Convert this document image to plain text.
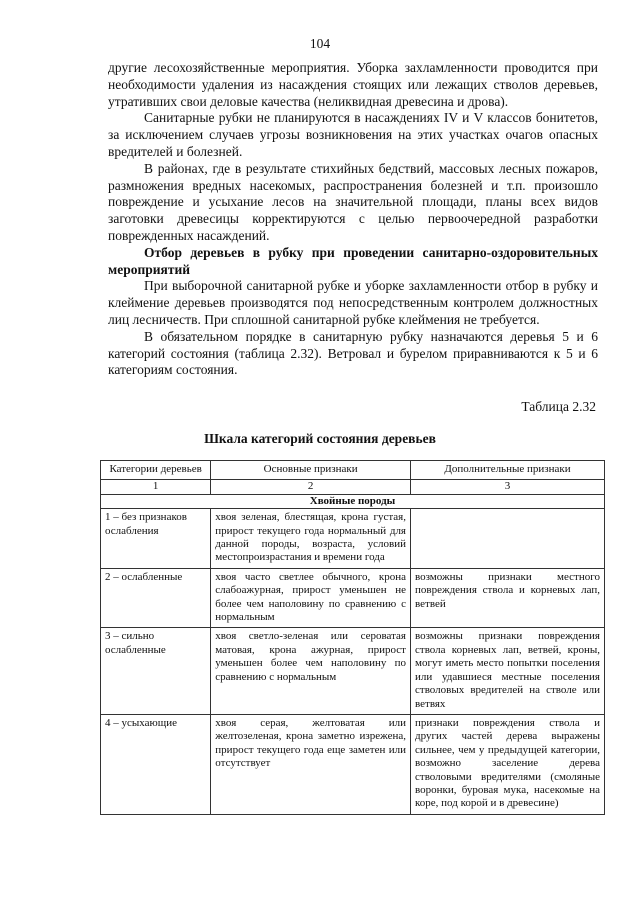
104

другие лесохозяйственные мероприятия. Уборка захламленности проводится при необходимости удаления из насаждения стоящих или лежащих стволов деревьев, утративших свои деловые качества (неликвидная древесина и дрова).

Санитарные рубки не планируются в насаждениях IV и V классов бонитетов, за исключением случаев угрозы возникновения на этих участках очагов опасных вредителей и болезней.

В районах, где в результате стихийных бедствий, массовых лесных пожаров, размножения вредных насекомых, распространения болезней и т.п. произошло повреждение и усыхание лесов на значительной площади, планы всех видов заготовки древесицы корректируются с целью первоочередной разработки поврежденных насаждений.

Отбор деревьев в рубку при проведении санитарно-оздоровительных мероприятий

При выборочной санитарной рубке и уборке захламленности отбор в рубку и клеймение деревьев производятся под непосредственным контролем должностных лиц лесничеств. При сплошной санитарной рубке клеймения не требуется.

В обязательном порядке в санитарную рубку назначаются деревья 5 и 6 категорий состояния (таблица 2.32). Ветровал и бурелом приравниваются к 5 и 6 категориям состояния.

Таблица 2.32
Шкала категорий состояния деревьев
Категории деревьев	Основные признаки	Дополнительные признаки
1	2	3
Хвойные породы		
1 – без признаков ослабления	хвоя зеленая, блестящая, крона густая, прирост текущего года нормальный для данной породы, возраста, условий местопроизрастания и времени года	
2 – ослабленные	хвоя часто светлее обычного, крона слабоажурная, прирост уменьшен не более чем наполовину по сравнению с нормальным	возможны признаки местного повреждения ствола и корневых лап, ветвей
3 – сильно ослабленные	хвоя светло-зеленая или сероватая матовая, крона ажурная, прирост уменьшен более чем наполовину по сравнению с нормальным	возможны признаки повреждения ствола корневых лап, ветвей, кроны, могут иметь место попытки поселения или удавшиеся местные поселения стволовых вредителей на стволе или ветвях
4 – усыхающие	хвоя серая, желтоватая или желтозеленая, крона заметно изрежена, прирост текущего года еще заметен или отсутствует	признаки повреждения ствола и других частей дерева выражены сильнее, чем у предыдущей категории, возможно заселение дерева стволовыми вредителями (смоляные воронки, буровая мука, насекомые на коре, под корой и в древесине)
